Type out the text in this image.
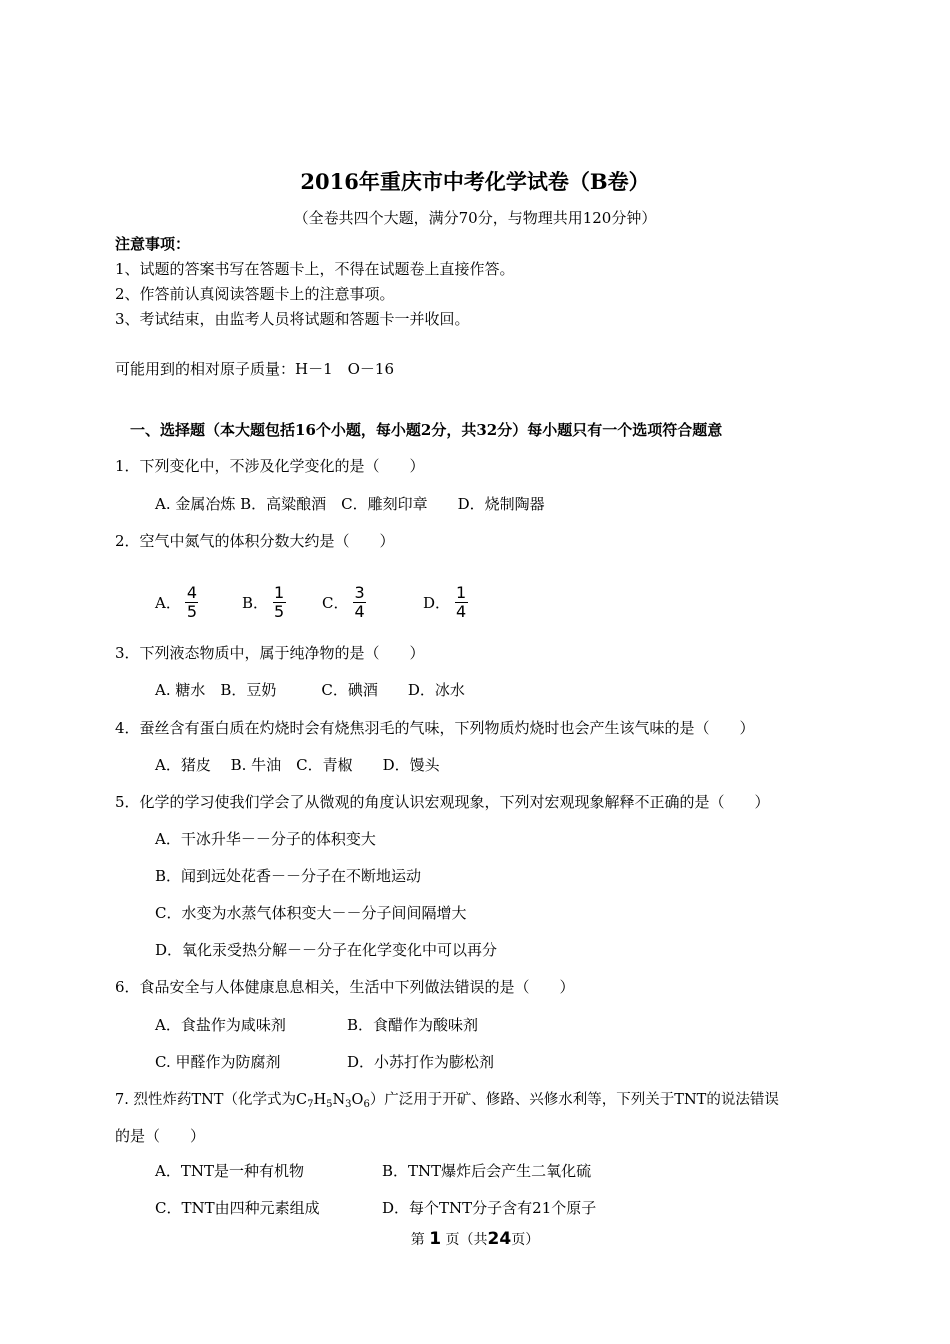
2016年重庆市中考化学试卷（B卷）
（全卷共四个大题，满分70分，与物理共用120分钟）
注意事项：
1、试题的答案书写在答题卡上，不得在试题卷上直接作答。
2、作答前认真阅读答题卡上的注意事项。
3、考试结束，由监考人员将试题和答题卡一并收回。
可能用到的相对原子质量：H－1　O－16
一、选择题（本大题包括16个小题，每小题2分，共32分）每小题只有一个选项符合题意
1．下列变化中，不涉及化学变化的是（　　）
A. 金属冶炼 B．高粱酿酒　C．雕刻印章　　D．烧制陶器
2．空气中氮气的体积分数大约是（　　）
A．
4
5	B．
1
5	C．
3
4	D．
1
4
3．下列液态物质中，属于纯净物的是（　　）
A. 糖水　B．豆奶　　　C．碘酒　　D．冰水
4．蚕丝含有蛋白质在灼烧时会有烧焦羽毛的气味，下列物质灼烧时也会产生该气味的是（　　）
A．猪皮　 B. 牛油　C．青椒　　D．馒头
5．化学的学习使我们学会了从微观的角度认识宏观现象，下列对宏观现象解释不正确的是（　　）
A．干冰升华－－分子的体积变大
B．闻到远处花香－－分子在不断地运动
C．水变为水蒸气体积变大－－分子间间隔增大
D．氧化汞受热分解－－分子在化学变化中可以再分
6．食品安全与人体健康息息相关，生活中下列做法错误的是（　　）
A．食盐作为咸味剂	B．食醋作为酸味剂
C. 甲醛作为防腐剂	D．小苏打作为膨松剂
7. 烈性炸药TNT（化学式为$C_7H_5N_3O_6$）广泛用于开矿、修路、兴修水利等，下列关于TNT的说法错误
的是（　　）
A．TNT是一种有机物	B．TNT爆炸后会产生二氧化硫
C．TNT由四种元素组成	D．每个TNT分子含有21个原子
第 1 页（共24页）
